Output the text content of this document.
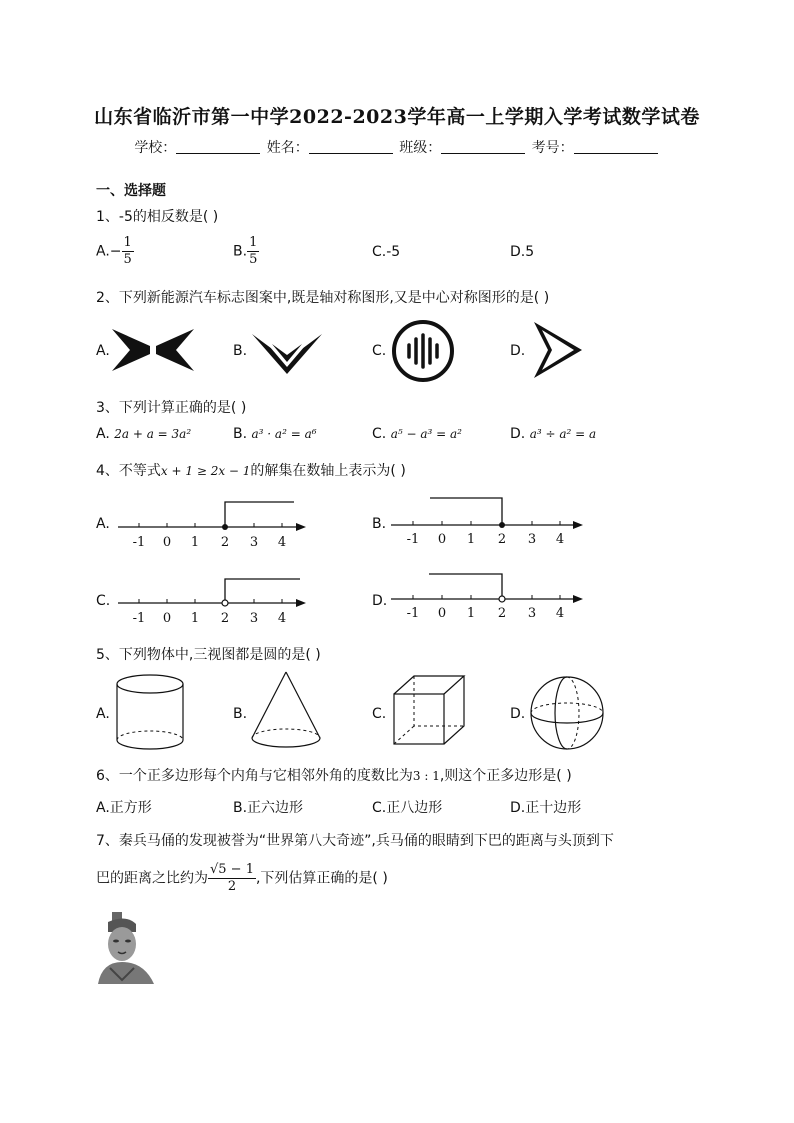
山东省临沂市第一中学2022-2023学年高一上学期入学考试数学试卷
学校：	姓名：	班级：	考号：
一、选择题
1、-5的相反数是( )
$A.- \frac{1}{5}$	B. $\frac{1}{5}$	C.-5	D.5
2、下列新能源汽车标志图案中,既是轴对称图形,又是中心对称图形的是( )
A.	B.	C.	D.
3、下列计算正确的是( )
A. 2a + a = 3a²	B. a³ · a² = a⁶	C. a⁵ − a³ = a²	D. a³ ÷ a² = a
4、不等式x + 1 ≥ 2x − 1的解集在数轴上表示为( )
A.
-1 0 1 2 3 4
B.
-1 0 1 2 3 4
C.
-1 0 1 2 3 4
D.
-1 0 1 2 3 4
5、下列物体中,三视图都是圆的是( )
A.	B.	C.	D.
6、一个正多边形每个内角与它相邻外角的度数比为3 : 1,则这个正多边形是( )
A.正方形	B.正六边形	C.正八边形	D.正十边形
7、秦兵马俑的发现被誉为“世界第八大奇迹”,兵马俑的眼睛到下巴的距离与头顶到下
巴的距离之比约为 $\frac{√5 - 1}{2}$ ,下列估算正确的是( )
